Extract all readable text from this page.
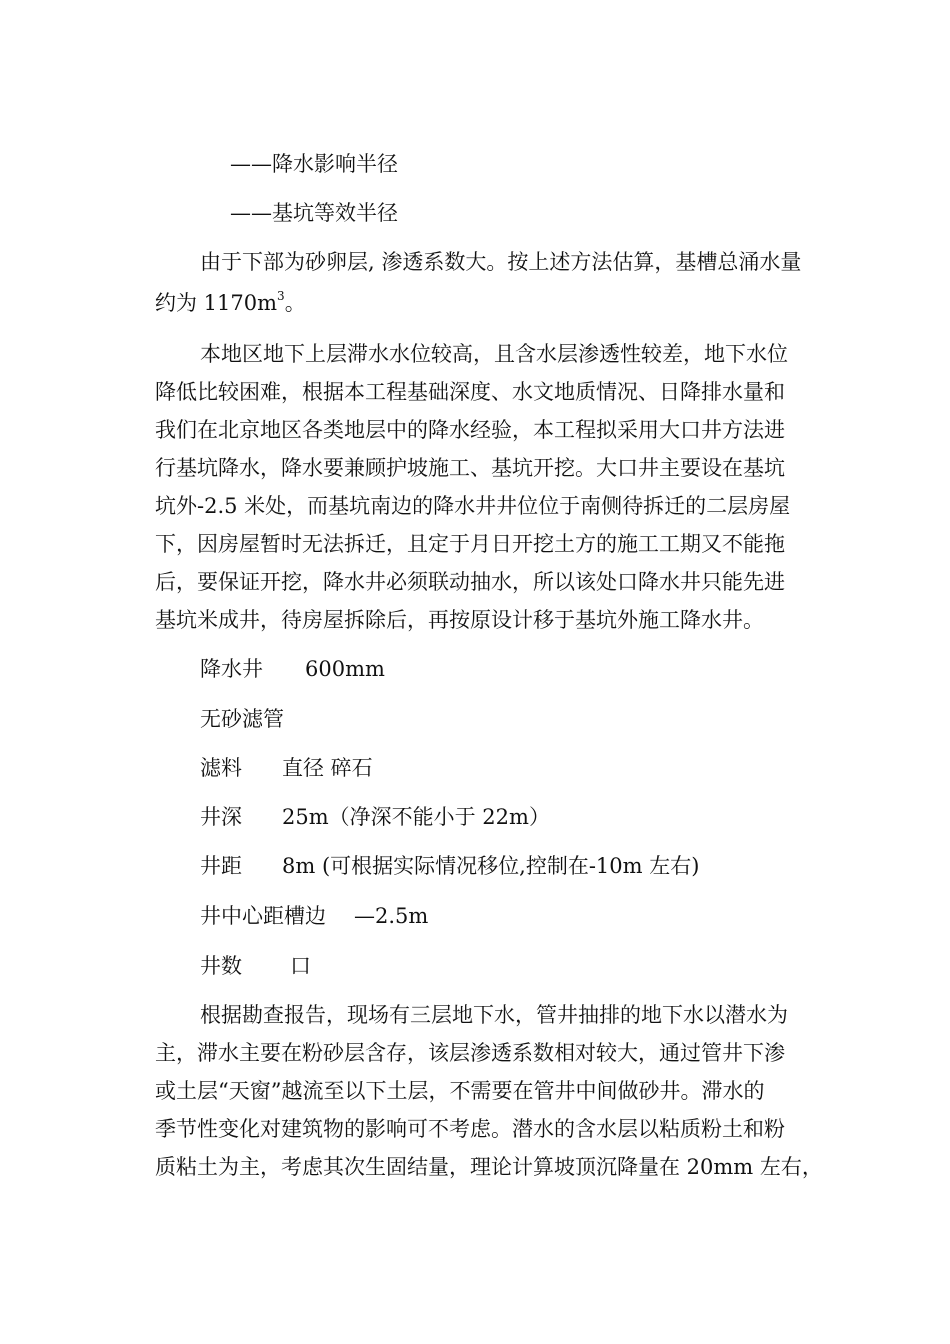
——降水影响半径
——基坑等效半径
由于下部为砂卵层, 渗透系数大。按上述方法估算，基槽总涌水量
约为 $1170m^3$。
本地区地下上层滞水水位较高，且含水层渗透性较差，地下水位
降低比较困难，根据本工程基础深度、水文地质情况、日降排水量和
我们在北京地区各类地层中的降水经验，本工程拟采用大口井方法进
行基坑降水，降水要兼顾护坡施工、基坑开挖。大口井主要设在基坑
坑外-2.5 米处，而基坑南边的降水井井位位于南侧待拆迁的二层房屋
下，因房屋暂时无法拆迁，且定于月日开挖土方的施工工期又不能拖
后，要保证开挖，降水井必须联动抽水，所以该处口降水井只能先进
基坑米成井，待房屋拆除后，再按原设计移于基坑外施工降水井。
降水井 600mm
无砂滤管
滤料 直径 碎石
井深 25m（净深不能小于 22m）
井距 8m (可根据实际情况移位,控制在-10m 左右)
井中心距槽边 —2.5m
井数 口
根据勘查报告，现场有三层地下水，管井抽排的地下水以潜水为
主，滞水主要在粉砂层含存，该层渗透系数相对较大，通过管井下渗
或土层“天窗”越流至以下土层，不需要在管井中间做砂井。滞水的
季节性变化对建筑物的影响可不考虑。潜水的含水层以粘质粉土和粉
质粘土为主，考虑其次生固结量，理论计算坡顶沉降量在 20mm 左右，
